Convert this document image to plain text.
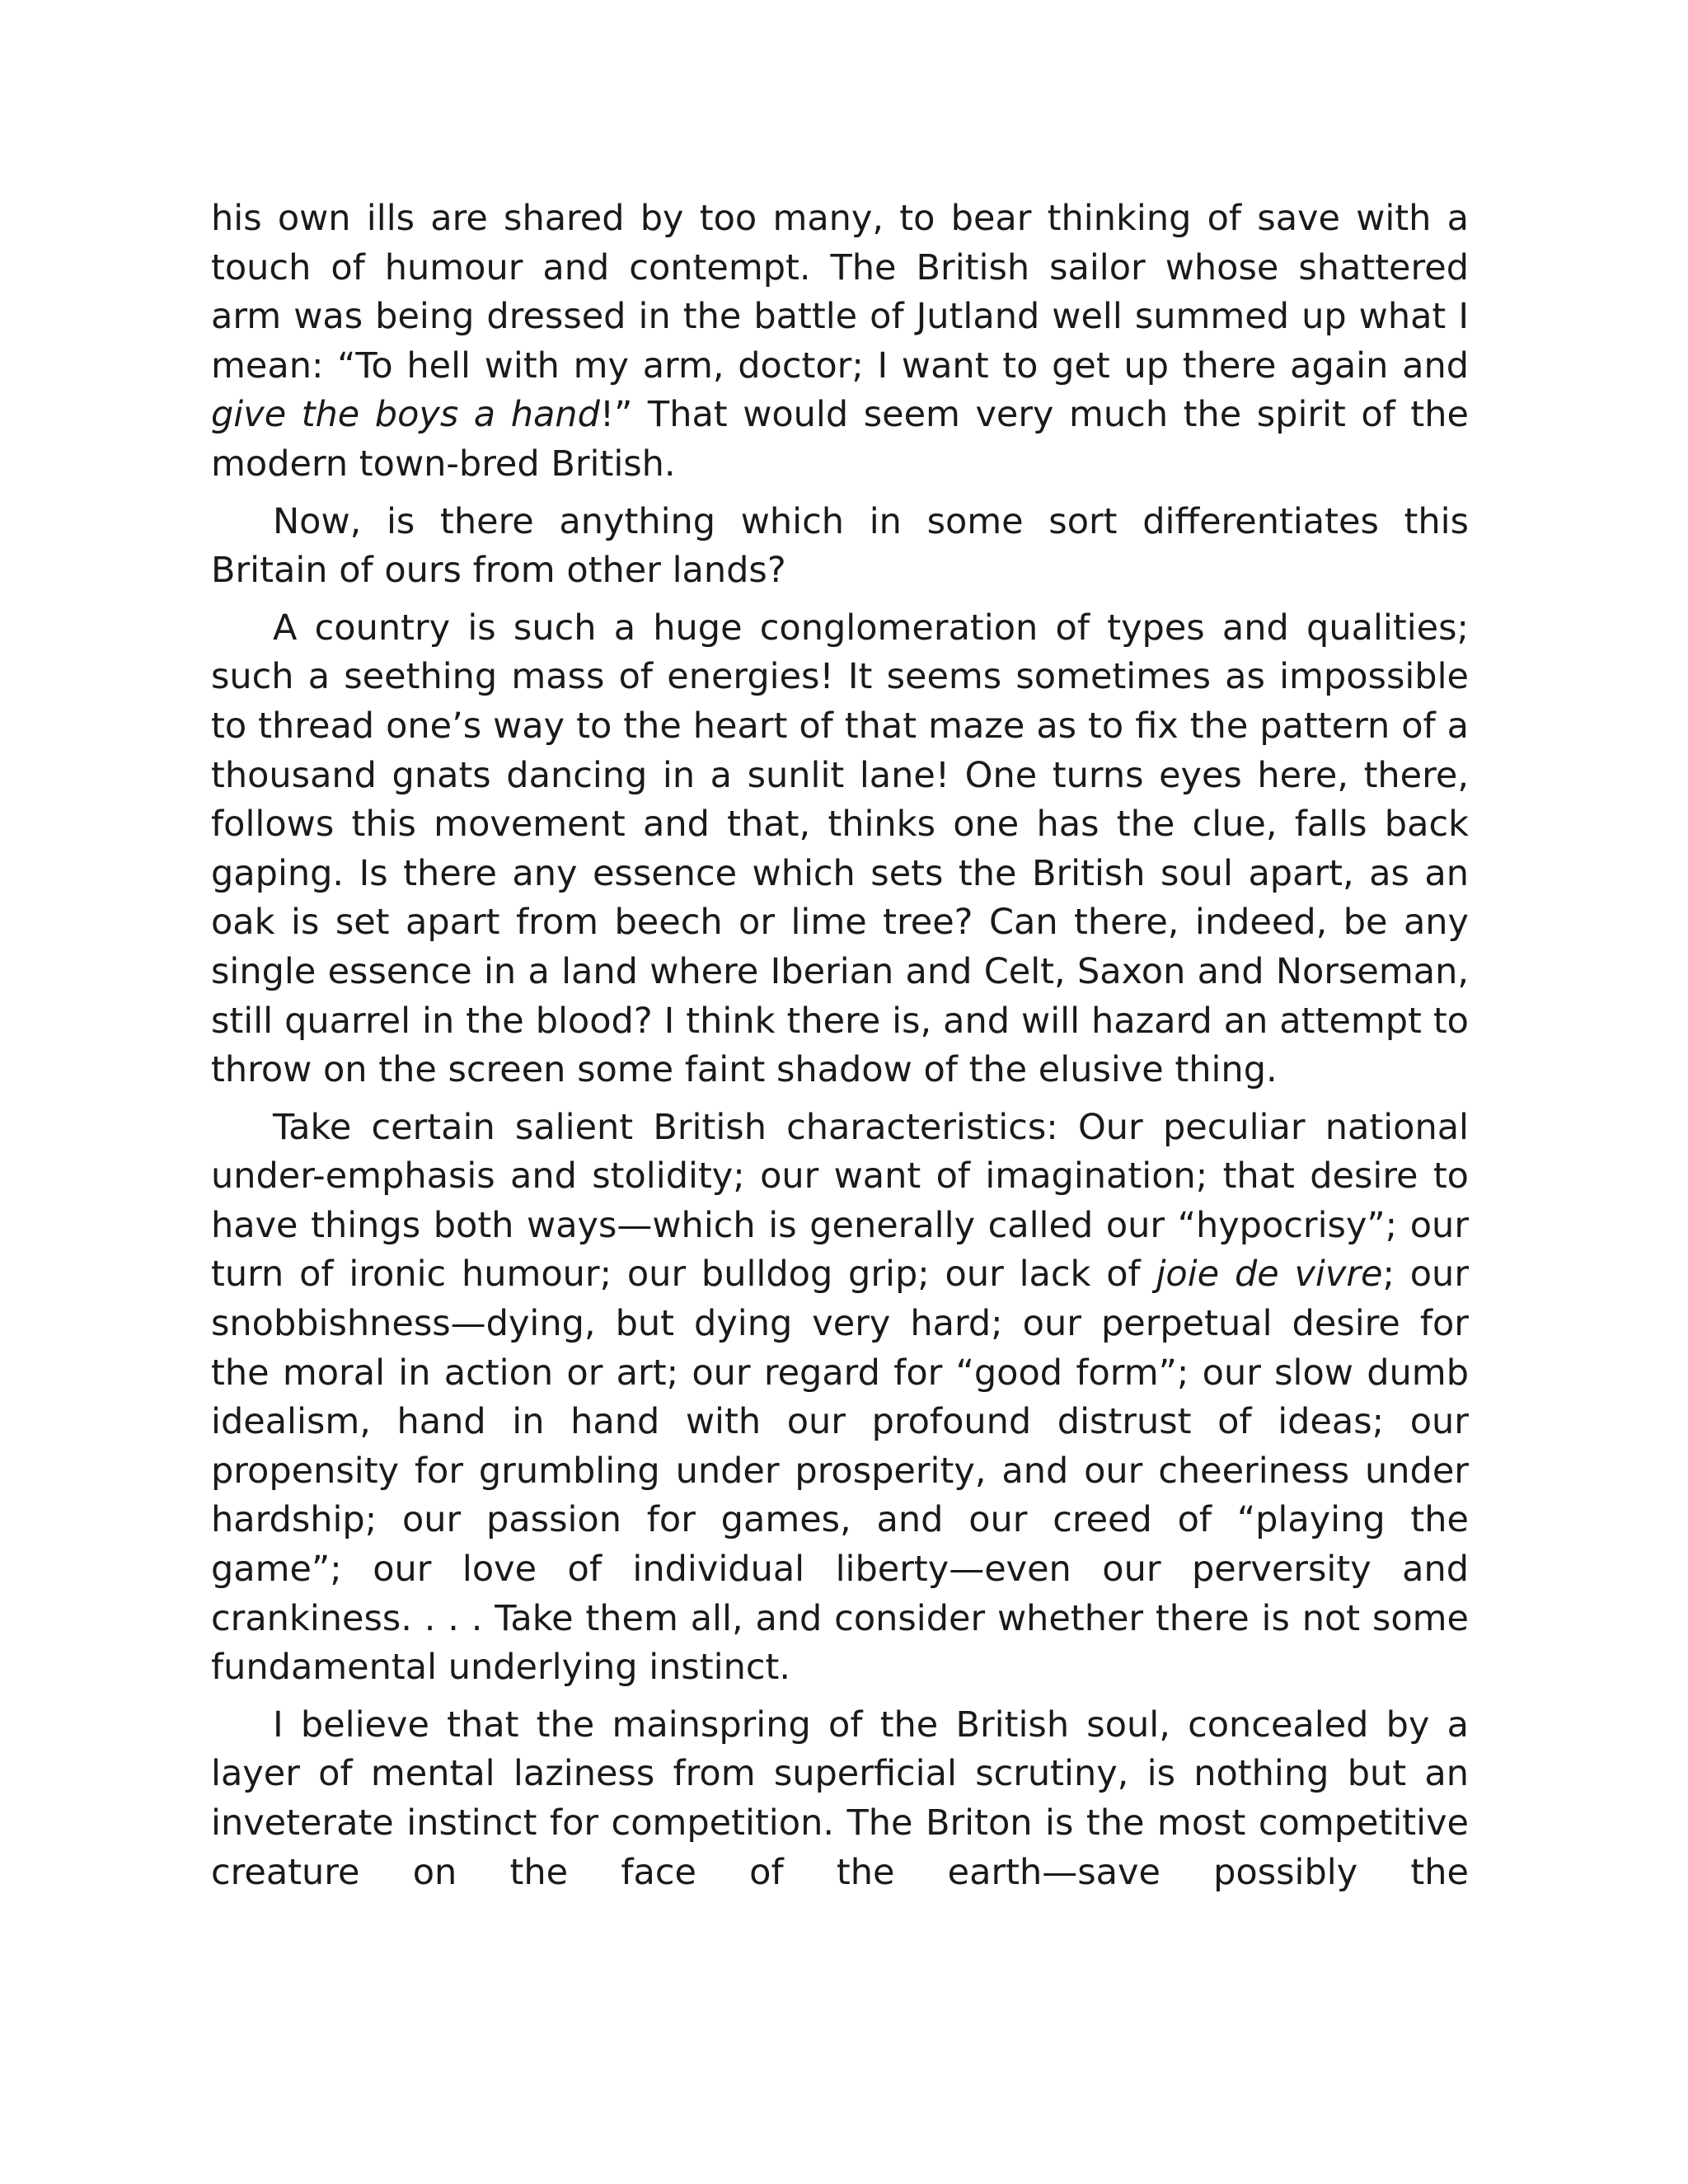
his own ills are shared by too many, to bear thinking of save with a touch of humour and contempt. The British sailor whose shattered arm was being dressed in the battle of Jutland well summed up what I mean: “To hell with my arm, doctor; I want to get up there again and give the boys a hand!” That would seem very much the spirit of the modern town-bred British.

Now, is there anything which in some sort differentiates this Britain of ours from other lands?

A country is such a huge conglomeration of types and qualities; such a seething mass of energies! It seems sometimes as impossible to thread one’s way to the heart of that maze as to fix the pattern of a thousand gnats dancing in a sunlit lane! One turns eyes here, there, follows this movement and that, thinks one has the clue, falls back gaping. Is there any essence which sets the British soul apart, as an oak is set apart from beech or lime tree? Can there, indeed, be any single essence in a land where Iberian and Celt, Saxon and Norseman, still quarrel in the blood? I think there is, and will hazard an attempt to throw on the screen some faint shadow of the elusive thing.

Take certain salient British characteristics: Our peculiar national under-emphasis and stolidity; our want of imagination; that desire to have things both ways—which is generally called our “hypocrisy”; our turn of ironic humour; our bulldog grip; our lack of joie de vivre; our snobbishness—dying, but dying very hard; our perpetual desire for the moral in action or art; our regard for “good form”; our slow dumb idealism, hand in hand with our profound distrust of ideas; our propensity for grumbling under prosperity, and our cheeriness under hardship; our passion for games, and our creed of “playing the game”; our love of individual liberty—even our perversity and crankiness. . . . Take them all, and consider whether there is not some fundamental underlying instinct.

I believe that the mainspring of the British soul, concealed by a layer of mental laziness from superficial scrutiny, is nothing but an inveterate instinct for competition. The Briton is the most competitive creature on the face of the earth—save possibly the
